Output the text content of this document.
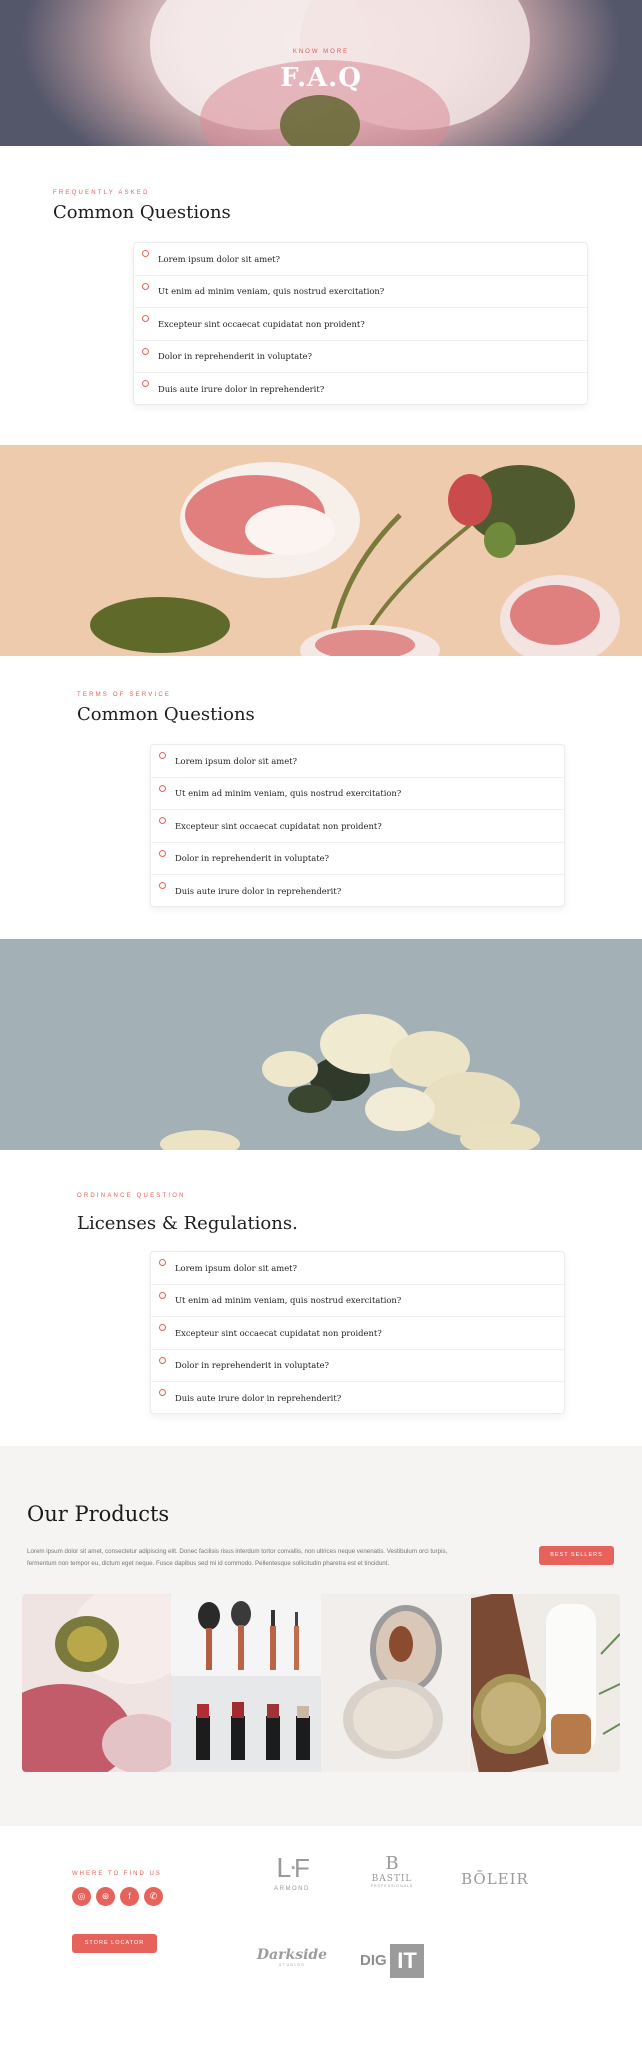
KNOW MORE
F.A.Q
FREQUENTLY ASKED
Common Questions
Lorem ipsum dolor sit amet?
Ut enim ad minim veniam, quis nostrud exercitation?
Excepteur sint occaecat cupidatat non proident?
Dolor in reprehenderit in voluptate?
Duis aute irure dolor in reprehenderit?
TERMS OF SERVICE
Common Questions
Lorem ipsum dolor sit amet?
Ut enim ad minim veniam, quis nostrud exercitation?
Excepteur sint occaecat cupidatat non proident?
Dolor in reprehenderit in voluptate?
Duis aute irure dolor in reprehenderit?
ORDINANCE QUESTION
Licenses & Regulations.
Lorem ipsum dolor sit amet?
Ut enim ad minim veniam, quis nostrud exercitation?
Excepteur sint occaecat cupidatat non proident?
Dolor in reprehenderit in voluptate?
Duis aute irure dolor in reprehenderit?
Our Products

Lorem ipsum dolor sit amet, consectetur adipiscing elit. Donec facilisis risus interdum tortor convallis, non ultrices neque venenatis. Vestibulum orci turpis, fermentum non tempor eu, dictum eget neque. Fusce dapibus sed mi id commodo. Pellentesque sollicitudin pharetra est et tincidunt.

BEST SELLERS
WHERE TO FIND US
◎	⊛	f	✆
STORE LOCATOR
ᒷF
ARMOND
B
BASTIL
PROFESSIONALS	BŌLEIR
Darkside
STUDIOS	DIG IT
